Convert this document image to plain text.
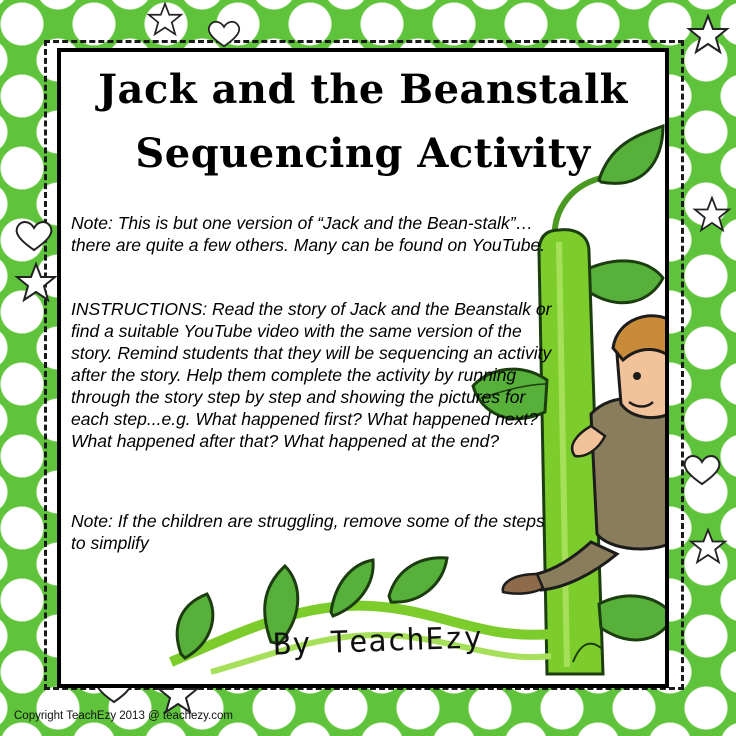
Jack and the Beanstalk
Sequencing Activity

Note: This is but one version of “Jack and the Bean-stalk”… there are quite a few others. Many can be found on YouTube.

INSTRUCTIONS: Read the story of Jack and the Beanstalk or find a suitable YouTube video with the same version of the story. Remind students that they will be sequencing an activity after the story. Help them complete the activity by running through the story step by step and showing the pictures for each step...e.g. What happened first? What happened next? What happened after that? What happened at the end?

Note: If the children are struggling, remove some of the steps to simplify

By TeachEzy

Copyright TeachEzy 2013 @ teachezy.com
